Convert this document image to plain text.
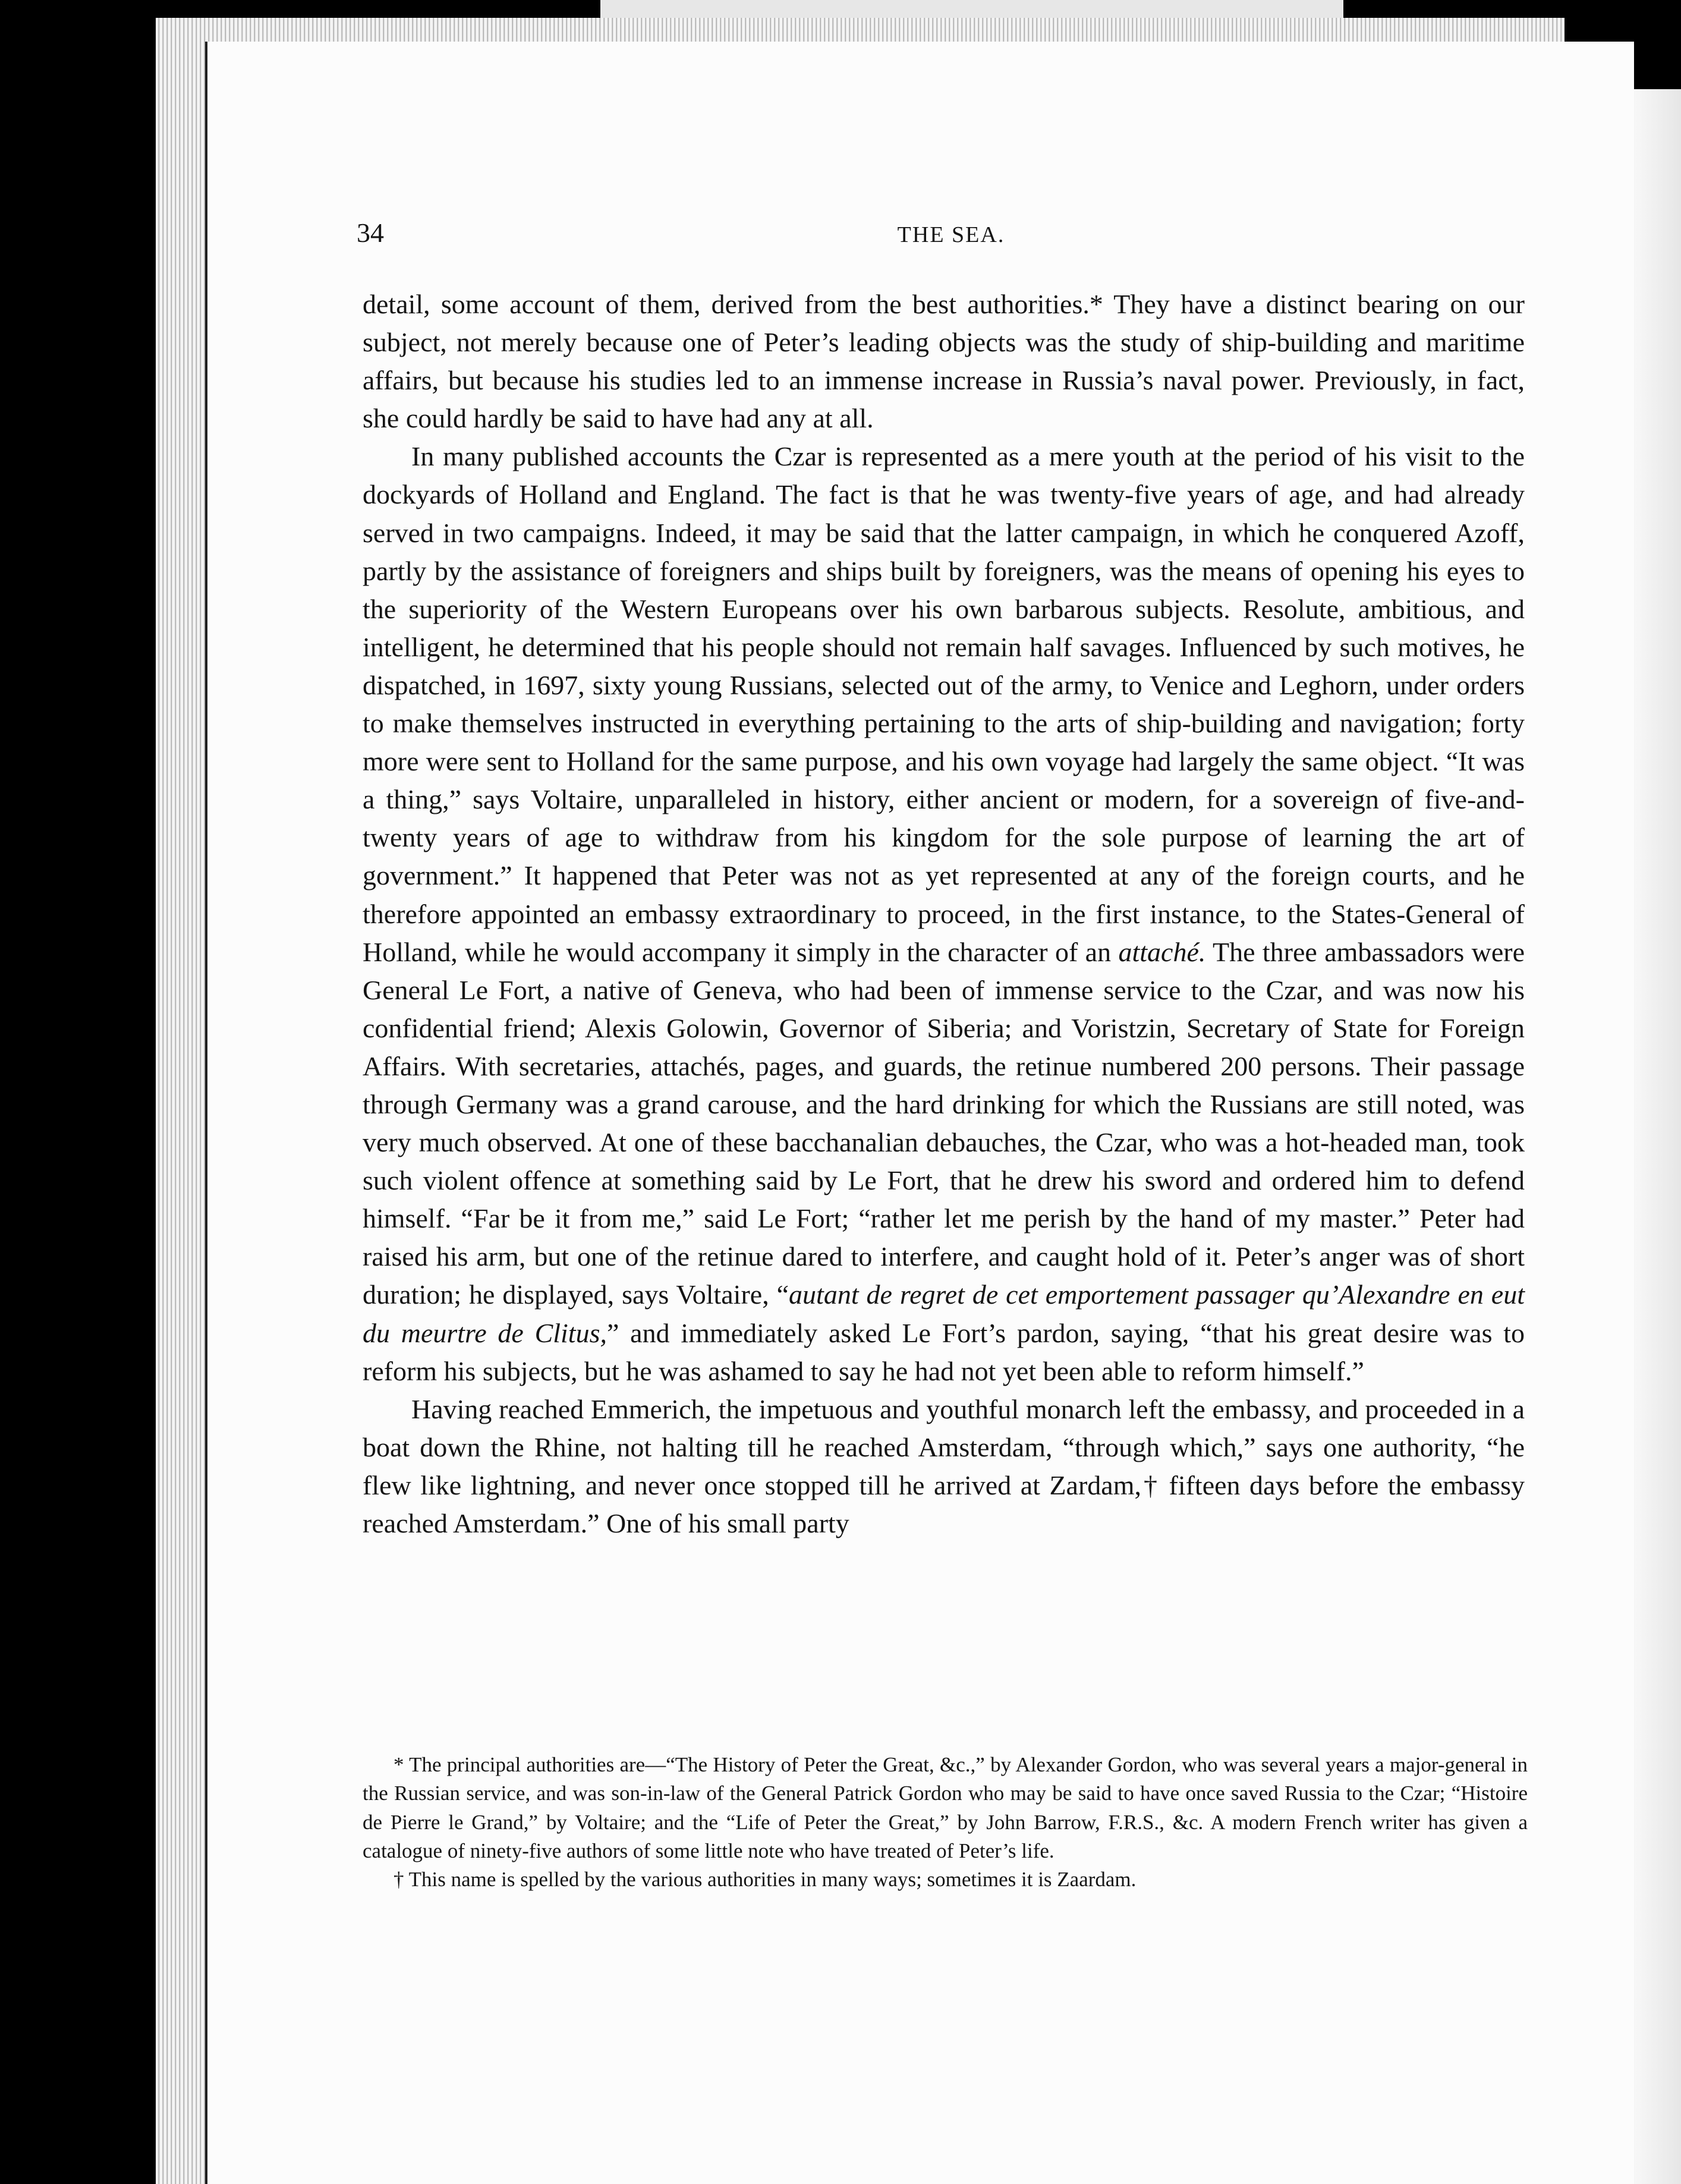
34	THE SEA.

detail, some account of them, derived from the best authorities.* They have a distinct bearing on our subject, not merely because one of Peter’s leading objects was the study of ship-building and maritime affairs, but because his studies led to an immense increase in Russia’s naval power. Previously, in fact, she could hardly be said to have had any at all.

In many published accounts the Czar is represented as a mere youth at the period of his visit to the dockyards of Holland and England. The fact is that he was twenty-five years of age, and had already served in two campaigns. Indeed, it may be said that the latter campaign, in which he conquered Azoff, partly by the assistance of foreigners and ships built by foreigners, was the means of opening his eyes to the superiority of the Western Europeans over his own barbarous subjects. Resolute, ambitious, and intelligent, he determined that his people should not remain half savages. Influenced by such motives, he dispatched, in 1697, sixty young Russians, selected out of the army, to Venice and Leghorn, under orders to make themselves instructed in everything pertaining to the arts of ship-building and navigation; forty more were sent to Holland for the same purpose, and his own voyage had largely the same object. “It was a thing,” says Voltaire, unparalleled in history, either ancient or modern, for a sovereign of five-and-twenty years of age to withdraw from his kingdom for the sole purpose of learning the art of government.” It happened that Peter was not as yet represented at any of the foreign courts, and he therefore appointed an embassy extraordinary to proceed, in the first instance, to the States-General of Holland, while he would accompany it simply in the character of an attaché. The three ambassadors were General Le Fort, a native of Geneva, who had been of immense service to the Czar, and was now his confidential friend; Alexis Golowin, Governor of Siberia; and Voristzin, Secretary of State for Foreign Affairs. With secretaries, attachés, pages, and guards, the retinue numbered 200 persons. Their passage through Germany was a grand carouse, and the hard drinking for which the Russians are still noted, was very much observed. At one of these bacchanalian debauches, the Czar, who was a hot-headed man, took such violent offence at something said by Le Fort, that he drew his sword and ordered him to defend himself. “Far be it from me,” said Le Fort; “rather let me perish by the hand of my master.” Peter had raised his arm, but one of the retinue dared to interfere, and caught hold of it. Peter’s anger was of short duration; he displayed, says Voltaire, “autant de regret de cet emportement passager qu’Alexandre en eut du meurtre de Clitus,” and immediately asked Le Fort’s pardon, saying, “that his great desire was to reform his subjects, but he was ashamed to say he had not yet been able to reform himself.”

Having reached Emmerich, the impetuous and youthful monarch left the embassy, and proceeded in a boat down the Rhine, not halting till he reached Amsterdam, “through which,” says one authority, “he flew like lightning, and never once stopped till he arrived at Zardam,† fifteen days before the embassy reached Amsterdam.” One of his small party

* The principal authorities are—“The History of Peter the Great, &c.,” by Alexander Gordon, who was several years a major-general in the Russian service, and was son-in-law of the General Patrick Gordon who may be said to have once saved Russia to the Czar; “Histoire de Pierre le Grand,” by Voltaire; and the “Life of Peter the Great,” by John Barrow, F.R.S., &c. A modern French writer has given a catalogue of ninety-five authors of some little note who have treated of Peter’s life.

† This name is spelled by the various authorities in many ways; sometimes it is Zaardam.
